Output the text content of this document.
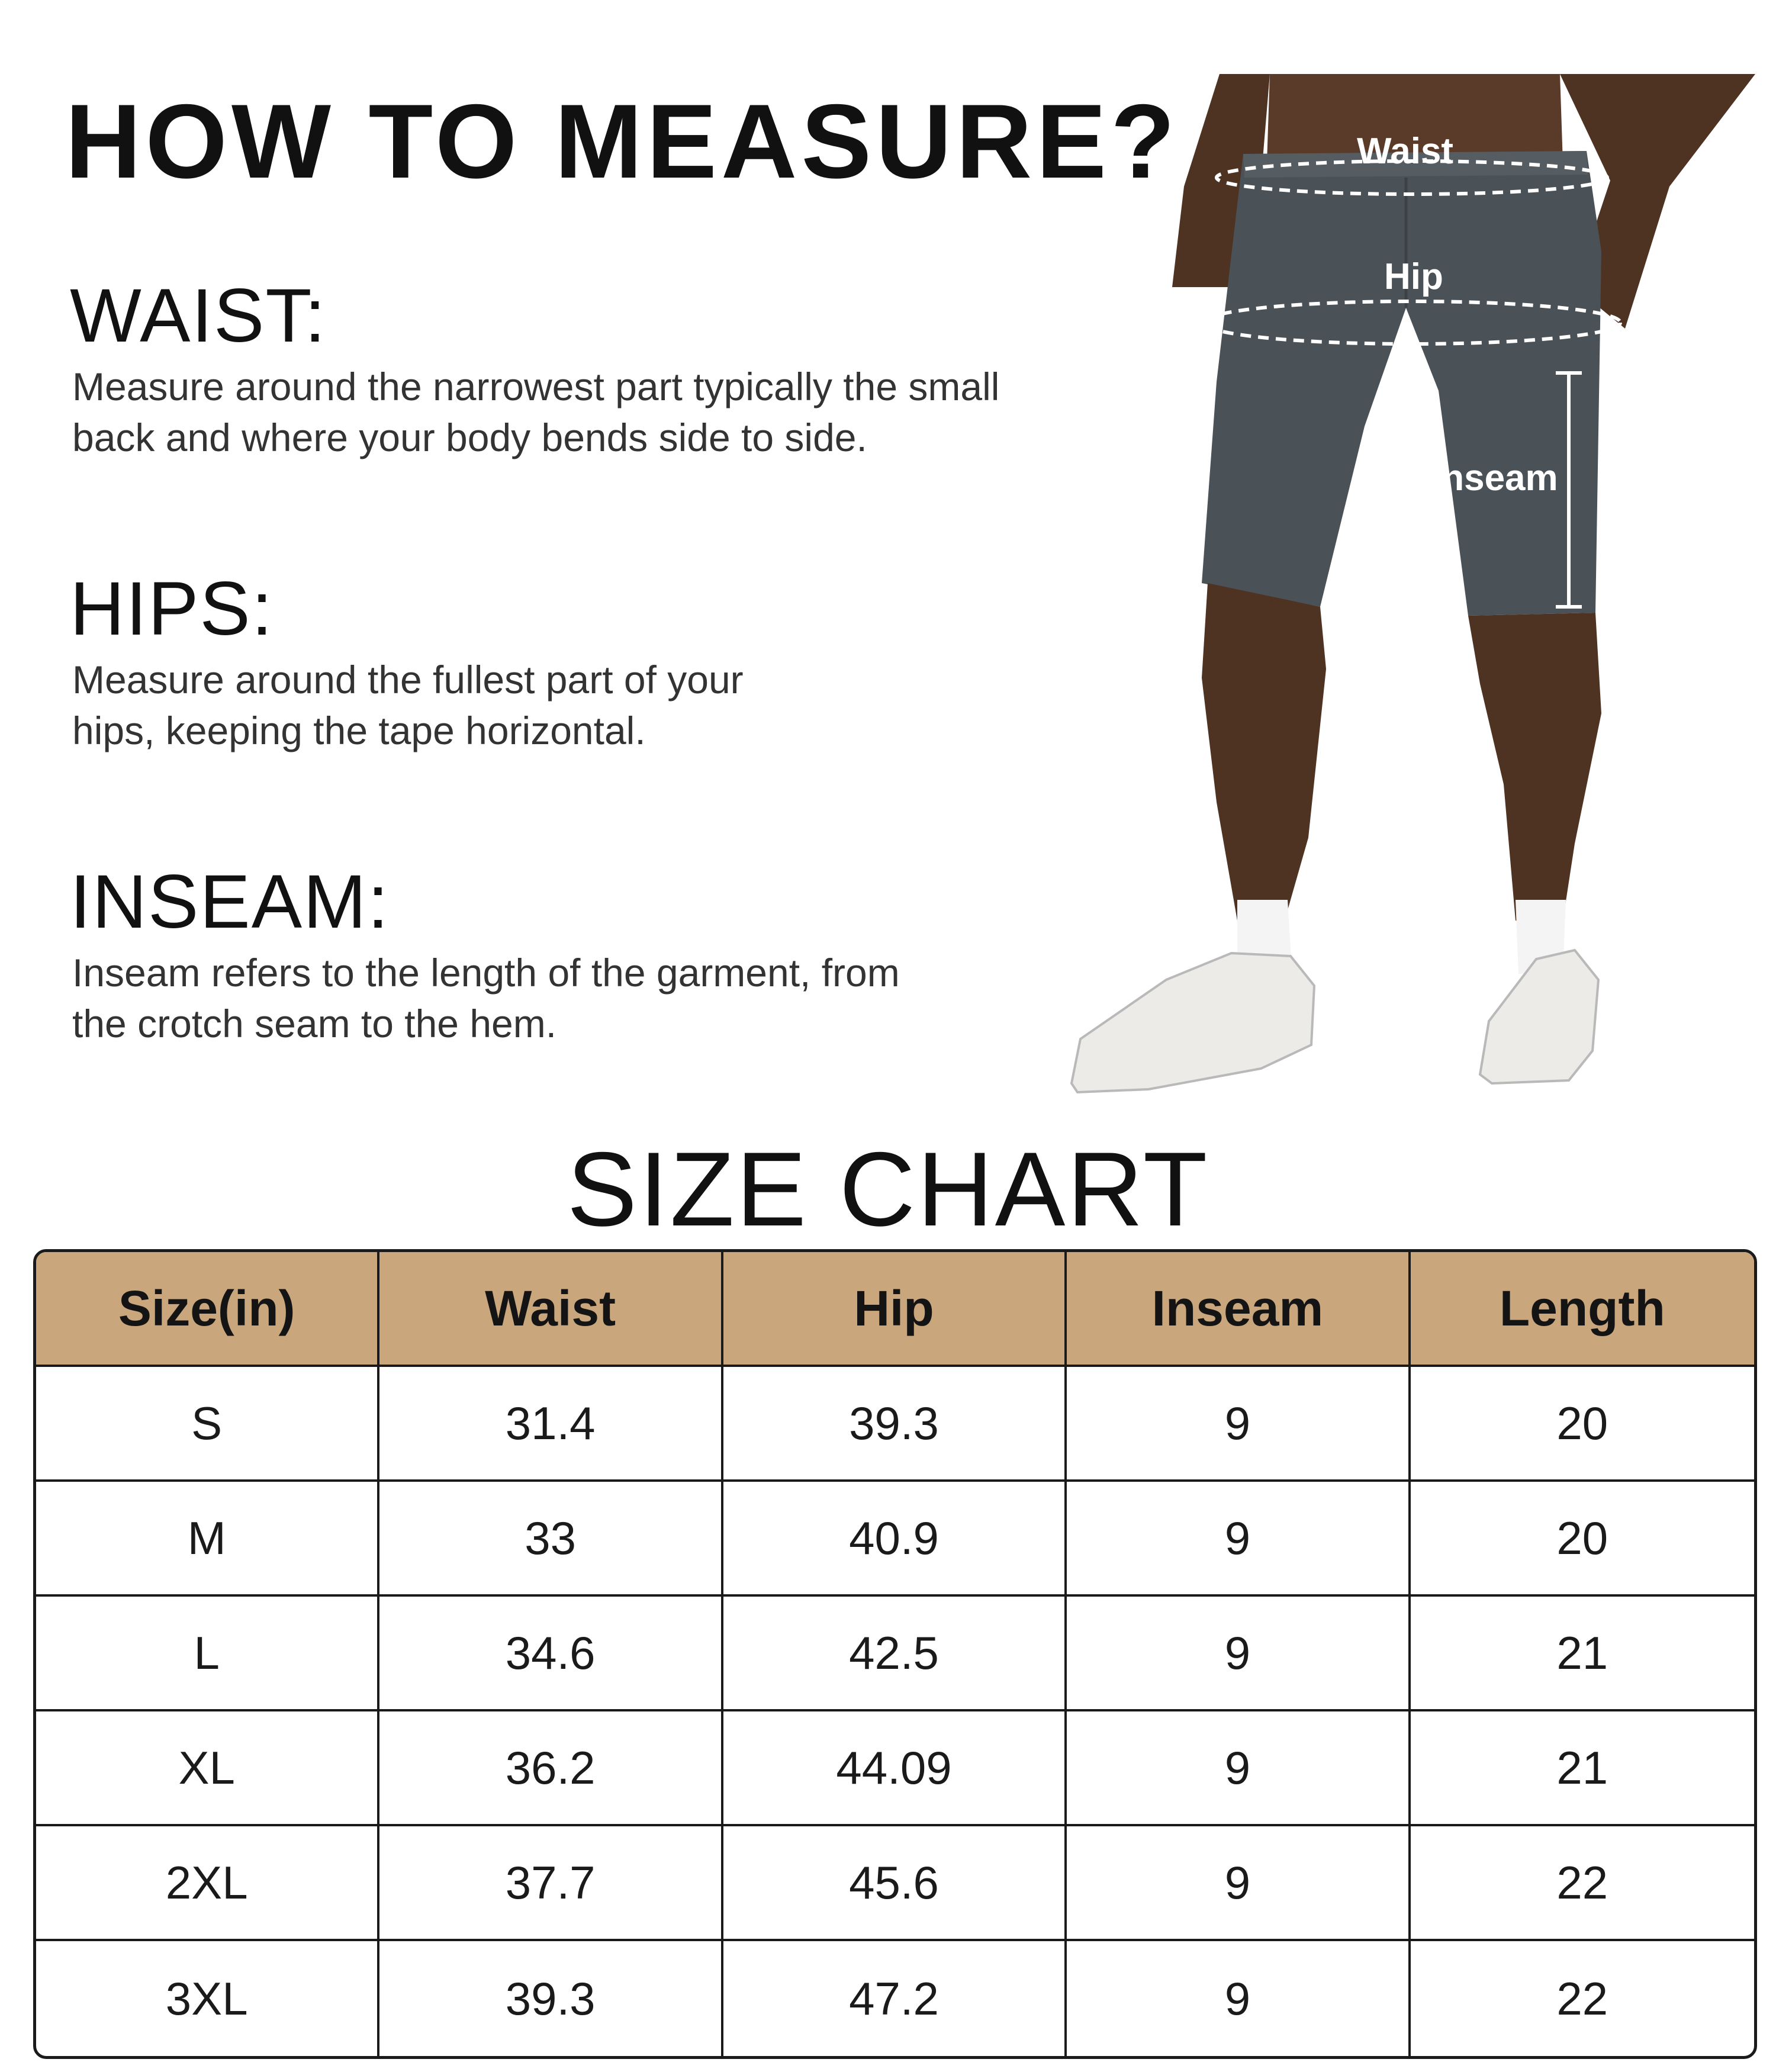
HOW TO MEASURE?
WAIST:
Measure around the narrowest part typically the small
back and where your body bends side to side.
HIPS:
Measure around the fullest part of your
hips, keeping the tape horizontal.
INSEAM:
Inseam refers to the length of the garment, from
the crotch seam to the hem.
Waist
Hip
Inseam
SIZE CHART
Size(in)	Waist	Hip	Inseam	Length
S	31.4	39.3	9	20
M	33	40.9	9	20
L	34.6	42.5	9	21
XL	36.2	44.09	9	21
2XL	37.7	45.6	9	22
3XL	39.3	47.2	9	22
